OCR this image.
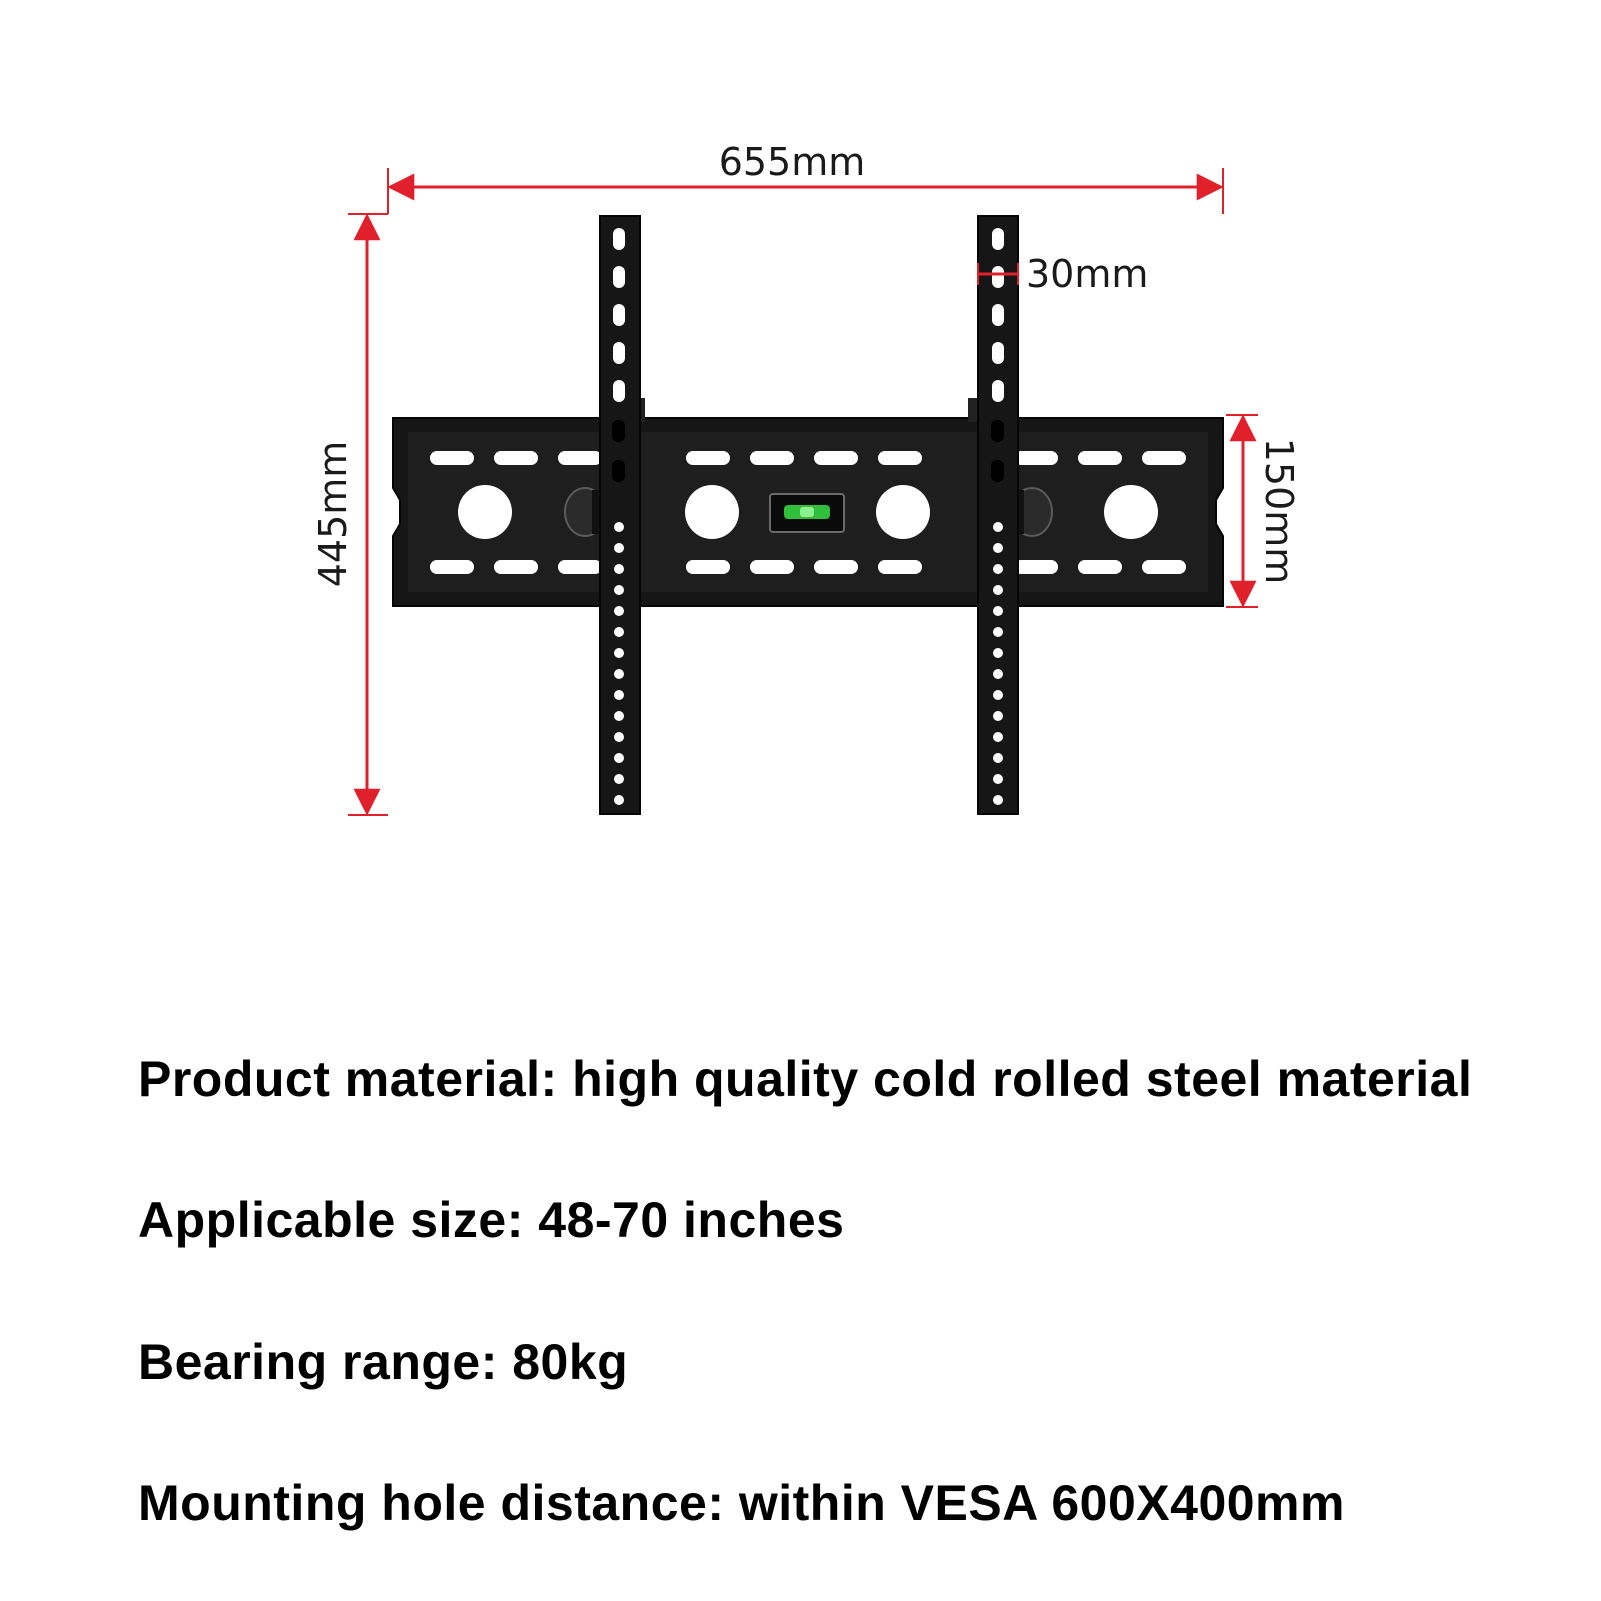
655mm
445mm	150mm
30mm
Product material: high quality cold rolled steel material
Applicable size: 48-70 inches
Bearing range: 80kg
Mounting hole distance: within VESA 600X400mm
